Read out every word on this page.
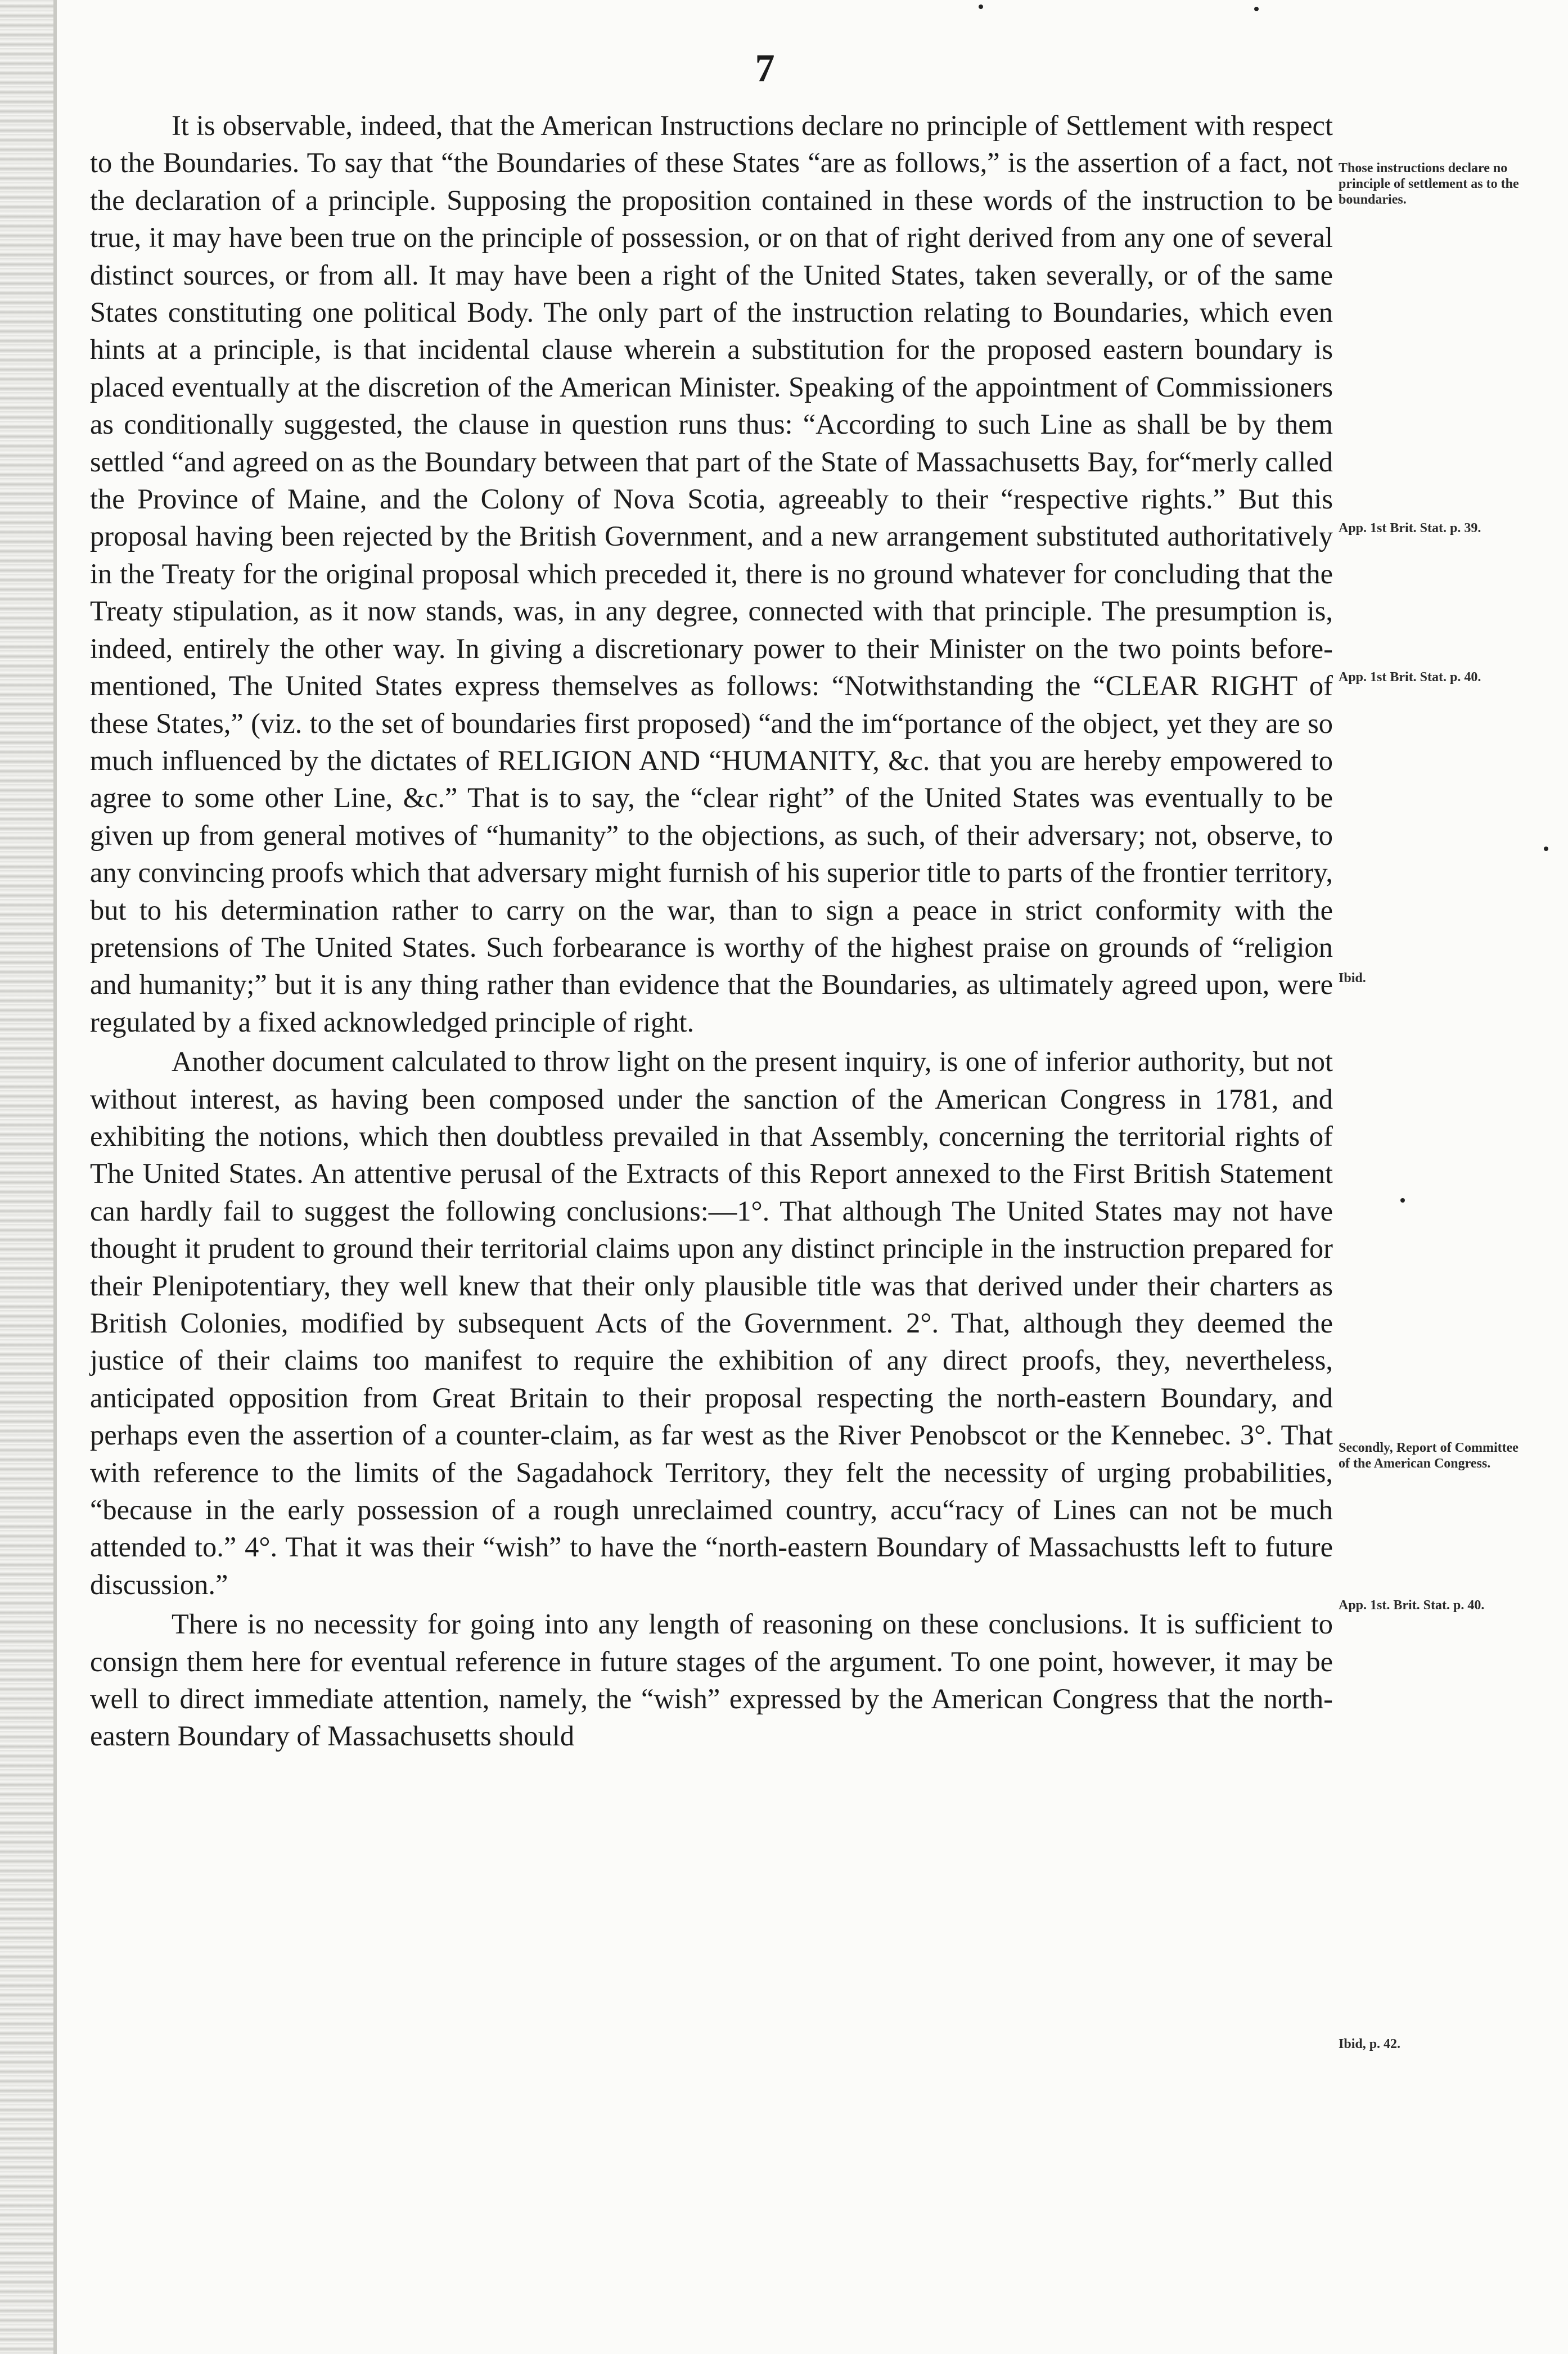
7

It is observable, indeed, that the American Instructions declare no principle of Settlement with respect to the Boundaries. To say that “the Boundaries of these States “are as follows,” is the assertion of a fact, not the declaration of a principle. Supposing the proposition contained in these words of the instruction to be true, it may have been true on the principle of possession, or on that of right derived from any one of several distinct sources, or from all. It may have been a right of the United States, taken severally, or of the same States constituting one political Body. The only part of the instruction relating to Boundaries, which even hints at a principle, is that incidental clause wherein a substitution for the proposed eastern boundary is placed eventually at the discretion of the American Minister. Speaking of the appointment of Commissioners as conditionally suggested, the clause in question runs thus: “According to such Line as shall be by them settled “and agreed on as the Boundary between that part of the State of Massachusetts Bay, for“merly called the Province of Maine, and the Colony of Nova Scotia, agreeably to their “respective rights.” But this proposal having been rejected by the British Government, and a new arrangement substituted authoritatively in the Treaty for the original proposal which preceded it, there is no ground whatever for concluding that the Treaty stipulation, as it now stands, was, in any degree, connected with that principle. The presumption is, indeed, entirely the other way. In giving a discretionary power to their Minister on the two points before-mentioned, The United States express themselves as follows: “Notwithstanding the “CLEAR RIGHT of these States,” (viz. to the set of boundaries first proposed) “and the im“portance of the object, yet they are so much influenced by the dictates of RELIGION AND “HUMANITY, &c. that you are hereby empowered to agree to some other Line, &c.” That is to say, the “clear right” of the United States was eventually to be given up from general motives of “humanity” to the objections, as such, of their adversary; not, observe, to any convincing proofs which that adversary might furnish of his superior title to parts of the frontier territory, but to his determination rather to carry on the war, than to sign a peace in strict conformity with the pretensions of The United States. Such forbearance is worthy of the highest praise on grounds of “religion and humanity;” but it is any thing rather than evidence that the Boundaries, as ultimately agreed upon, were regulated by a fixed acknowledged principle of right.

Another document calculated to throw light on the present inquiry, is one of inferior authority, but not without interest, as having been composed under the sanction of the American Congress in 1781, and exhibiting the notions, which then doubtless prevailed in that Assembly, concerning the territorial rights of The United States. An attentive perusal of the Extracts of this Report annexed to the First British Statement can hardly fail to suggest the following conclusions:—1°. That although The United States may not have thought it prudent to ground their territorial claims upon any distinct principle in the instruction prepared for their Plenipotentiary, they well knew that their only plausible title was that derived under their charters as British Colonies, modified by subsequent Acts of the Government. 2°. That, although they deemed the justice of their claims too manifest to require the exhibition of any direct proofs, they, nevertheless, anticipated opposition from Great Britain to their proposal respecting the north-eastern Boundary, and perhaps even the assertion of a counter-claim, as far west as the River Penobscot or the Kennebec. 3°. That with reference to the limits of the Sagadahock Territory, they felt the necessity of urging probabilities, “because in the early possession of a rough unreclaimed country, accu“racy of Lines can not be much attended to.” 4°. That it was their “wish” to have the “north-eastern Boundary of Massachustts left to future discussion.”

There is no necessity for going into any length of reasoning on these conclusions. It is sufficient to consign them here for eventual reference in future stages of the argument. To one point, however, it may be well to direct immediate attention, namely, the “wish” expressed by the American Congress that the north-eastern Boundary of Massachusetts should

Those instructions declare no principle of settlement as to the boundaries.
App. 1st Brit. Stat. p. 39.
App. 1st Brit. Stat. p. 40.
Ibid.
Secondly, Report of Committee of the American Congress.
App. 1st. Brit. Stat. p. 40.
Ibid, p. 42.
